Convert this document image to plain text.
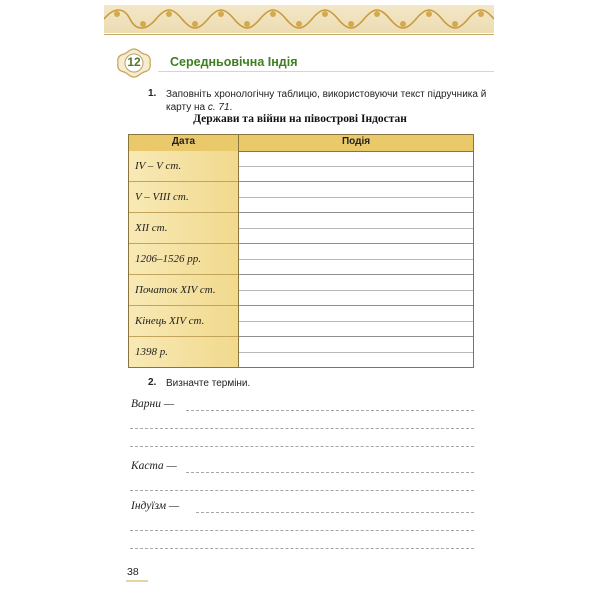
12	Середньовічна Індія
1. Заповніть хронологічну таблицю, використовуючи текст підручника й
карту на с. 71.
Держави та війни на півострові Індостан
Дата	Подія
IV – V ст.
V – VIII ст.
XII ст.
1206–1526 рр.
Початок XIV ст.
Кінець XIV ст.
1398 р.
2. Визначте терміни.
Варни —
Каста —
Індуїзм —
38
